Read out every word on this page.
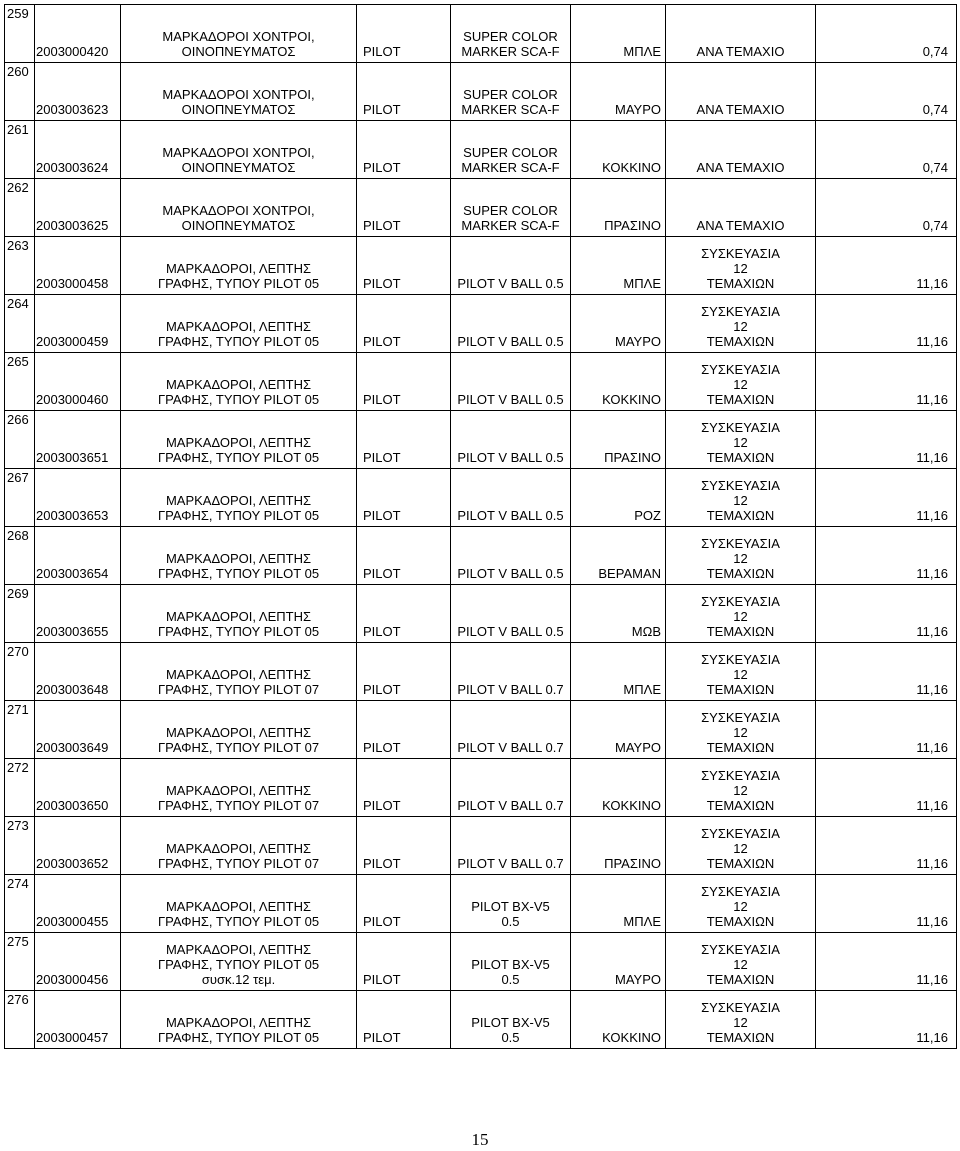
259	2003000420	ΜΑΡΚΑΔΟΡΟΙ ΧΟΝΤΡΟΙ,
ΟΙΝΟΠΝΕΥΜΑΤΟΣ	PILOT	SUPER COLOR
MARKER SCA-F	ΜΠΛΕ	ΑΝΑ ΤΕΜΑΧΙΟ	0,74
260	2003003623	ΜΑΡΚΑΔΟΡΟΙ ΧΟΝΤΡΟΙ,
ΟΙΝΟΠΝΕΥΜΑΤΟΣ	PILOT	SUPER COLOR
MARKER SCA-F	ΜΑΥΡΟ	ΑΝΑ ΤΕΜΑΧΙΟ	0,74
261	2003003624	ΜΑΡΚΑΔΟΡΟΙ ΧΟΝΤΡΟΙ,
ΟΙΝΟΠΝΕΥΜΑΤΟΣ	PILOT	SUPER COLOR
MARKER SCA-F	ΚΟΚΚΙΝΟ	ΑΝΑ ΤΕΜΑΧΙΟ	0,74
262	2003003625	ΜΑΡΚΑΔΟΡΟΙ ΧΟΝΤΡΟΙ,
ΟΙΝΟΠΝΕΥΜΑΤΟΣ	PILOT	SUPER COLOR
MARKER SCA-F	ΠΡΑΣΙΝΟ	ΑΝΑ ΤΕΜΑΧΙΟ	0,74
263	2003000458	ΜΑΡΚΑΔΟΡΟΙ, ΛΕΠΤΗΣ
ΓΡΑΦΗΣ, ΤΥΠΟΥ PILOT 05	PILOT	PILOT V BALL 0.5	ΜΠΛΕ	ΣΥΣΚΕΥΑΣΙΑ
12
ΤΕΜΑΧΙΩΝ	11,16
264	2003000459	ΜΑΡΚΑΔΟΡΟΙ, ΛΕΠΤΗΣ
ΓΡΑΦΗΣ, ΤΥΠΟΥ PILOT 05	PILOT	PILOT V BALL 0.5	ΜΑΥΡΟ	ΣΥΣΚΕΥΑΣΙΑ
12
ΤΕΜΑΧΙΩΝ	11,16
265	2003000460	ΜΑΡΚΑΔΟΡΟΙ, ΛΕΠΤΗΣ
ΓΡΑΦΗΣ, ΤΥΠΟΥ PILOT 05	PILOT	PILOT V BALL 0.5	ΚΟΚΚΙΝΟ	ΣΥΣΚΕΥΑΣΙΑ
12
ΤΕΜΑΧΙΩΝ	11,16
266	2003003651	ΜΑΡΚΑΔΟΡΟΙ, ΛΕΠΤΗΣ
ΓΡΑΦΗΣ, ΤΥΠΟΥ PILOT 05	PILOT	PILOT V BALL 0.5	ΠΡΑΣΙΝΟ	ΣΥΣΚΕΥΑΣΙΑ
12
ΤΕΜΑΧΙΩΝ	11,16
267	2003003653	ΜΑΡΚΑΔΟΡΟΙ, ΛΕΠΤΗΣ
ΓΡΑΦΗΣ, ΤΥΠΟΥ PILOT 05	PILOT	PILOT V BALL 0.5	ΡΟΖ	ΣΥΣΚΕΥΑΣΙΑ
12
ΤΕΜΑΧΙΩΝ	11,16
268	2003003654	ΜΑΡΚΑΔΟΡΟΙ, ΛΕΠΤΗΣ
ΓΡΑΦΗΣ, ΤΥΠΟΥ PILOT 05	PILOT	PILOT V BALL 0.5	ΒΕΡΑΜΑΝ	ΣΥΣΚΕΥΑΣΙΑ
12
ΤΕΜΑΧΙΩΝ	11,16
269	2003003655	ΜΑΡΚΑΔΟΡΟΙ, ΛΕΠΤΗΣ
ΓΡΑΦΗΣ, ΤΥΠΟΥ PILOT 05	PILOT	PILOT V BALL 0.5	ΜΩΒ	ΣΥΣΚΕΥΑΣΙΑ
12
ΤΕΜΑΧΙΩΝ	11,16
270	2003003648	ΜΑΡΚΑΔΟΡΟΙ, ΛΕΠΤΗΣ
ΓΡΑΦΗΣ, ΤΥΠΟΥ PILOT 07	PILOT	PILOT V BALL 0.7	ΜΠΛΕ	ΣΥΣΚΕΥΑΣΙΑ
12
ΤΕΜΑΧΙΩΝ	11,16
271	2003003649	ΜΑΡΚΑΔΟΡΟΙ, ΛΕΠΤΗΣ
ΓΡΑΦΗΣ, ΤΥΠΟΥ PILOT 07	PILOT	PILOT V BALL 0.7	ΜΑΥΡΟ	ΣΥΣΚΕΥΑΣΙΑ
12
ΤΕΜΑΧΙΩΝ	11,16
272	2003003650	ΜΑΡΚΑΔΟΡΟΙ, ΛΕΠΤΗΣ
ΓΡΑΦΗΣ, ΤΥΠΟΥ PILOT 07	PILOT	PILOT V BALL 0.7	ΚΟΚΚΙΝΟ	ΣΥΣΚΕΥΑΣΙΑ
12
ΤΕΜΑΧΙΩΝ	11,16
273	2003003652	ΜΑΡΚΑΔΟΡΟΙ, ΛΕΠΤΗΣ
ΓΡΑΦΗΣ, ΤΥΠΟΥ PILOT 07	PILOT	PILOT V BALL 0.7	ΠΡΑΣΙΝΟ	ΣΥΣΚΕΥΑΣΙΑ
12
ΤΕΜΑΧΙΩΝ	11,16
274	2003000455	ΜΑΡΚΑΔΟΡΟΙ, ΛΕΠΤΗΣ
ΓΡΑΦΗΣ, ΤΥΠΟΥ PILOT 05	PILOT	PILOT BX-V5
0.5	ΜΠΛΕ	ΣΥΣΚΕΥΑΣΙΑ
12
ΤΕΜΑΧΙΩΝ	11,16
275	2003000456	ΜΑΡΚΑΔΟΡΟΙ, ΛΕΠΤΗΣ
ΓΡΑΦΗΣ, ΤΥΠΟΥ PILOT 05
συσκ.12 τεμ.	PILOT	PILOT BX-V5
0.5	ΜΑΥΡΟ	ΣΥΣΚΕΥΑΣΙΑ
12
ΤΕΜΑΧΙΩΝ	11,16
276	2003000457	ΜΑΡΚΑΔΟΡΟΙ, ΛΕΠΤΗΣ
ΓΡΑΦΗΣ, ΤΥΠΟΥ PILOT 05	PILOT	PILOT BX-V5
0.5	ΚΟΚΚΙΝΟ	ΣΥΣΚΕΥΑΣΙΑ
12
ΤΕΜΑΧΙΩΝ	11,16
15
